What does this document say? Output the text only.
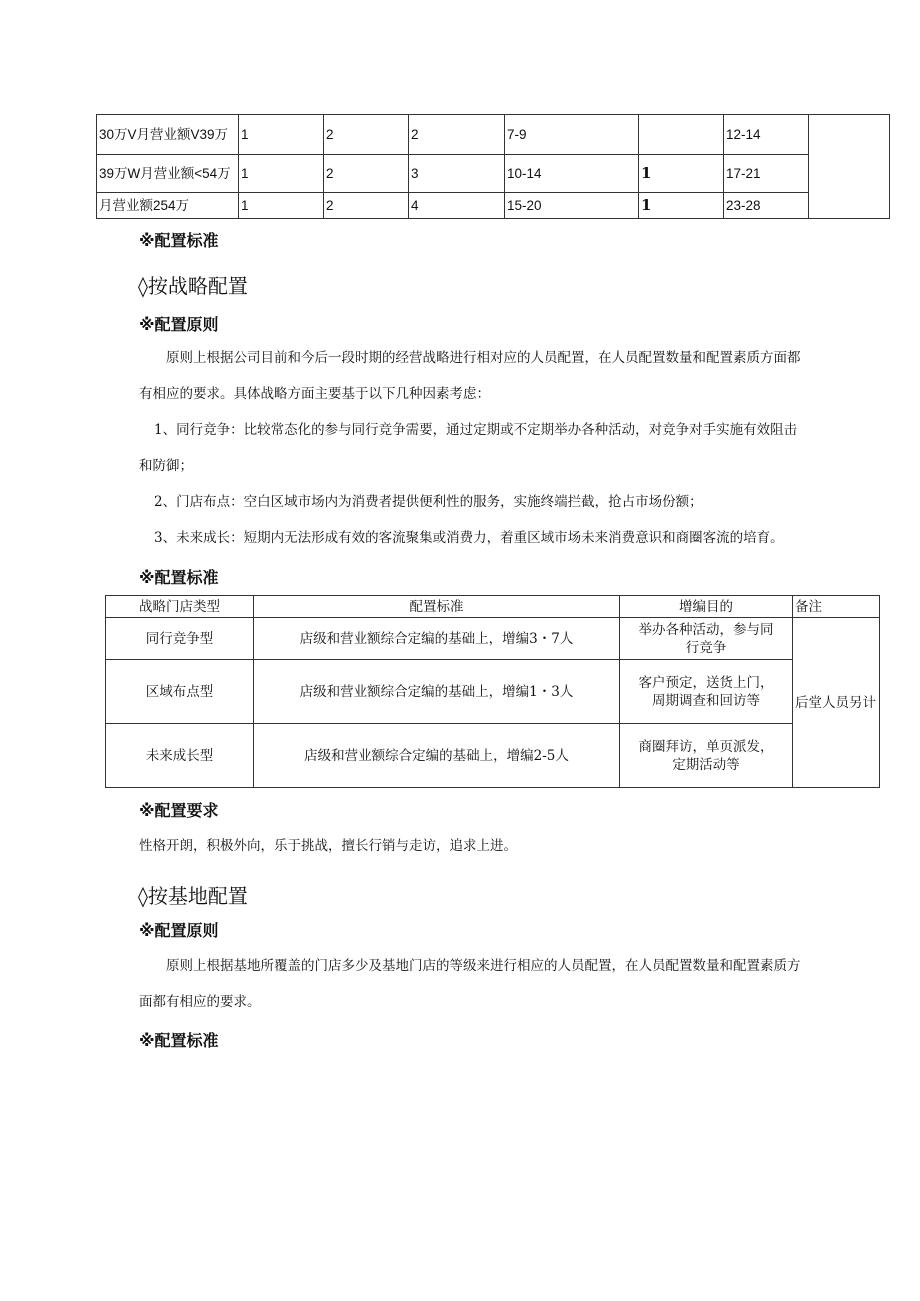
30万V月营业额V39万	1	2	2	7-9		12-14	
39万W月营业额<54万	1	2	3	10-14	1	17-21	
月营业额254万	1	2	4	15-20	1	23-28	
※配置标准
◊按战略配置
※配置原则
原则上根据公司目前和今后一段时期的经营战略进行相对应的人员配置，在人员配置数量和配置素质方面都
有相应的要求。具体战略方面主要基于以下几种因素考虑：
1、同行竞争：比较常态化的参与同行竞争需要，通过定期或不定期举办各种活动，对竞争对手实施有效阻击
和防御；
2、门店布点：空白区域市场内为消费者提供便利性的服务，实施终端拦截，抢占市场份额；
3、未来成长：短期内无法形成有效的客流聚集或消费力，着重区域市场未来消费意识和商圈客流的培育。
※配置标准
战略门店类型	配置标准	增编目的	备注
同行竞争型	店级和营业额综合定编的基础上，增编3・7人	举办各种活动，参与同行竞争	后堂人员另计
区域布点型	店级和营业额综合定编的基础上，增编1・3人	客户预定，送货上门，周期调查和回访等	
未来成长型	店级和营业额综合定编的基础上，增编2-5人	商圈拜访，单页派发，定期活动等	
※配置要求
性格开朗，积极外向，乐于挑战，擅长行销与走访，追求上进。
◊按基地配置
※配置原则
原则上根据基地所覆盖的门店多少及基地门店的等级来进行相应的人员配置，在人员配置数量和配置素质方
面都有相应的要求。
※配置标准
